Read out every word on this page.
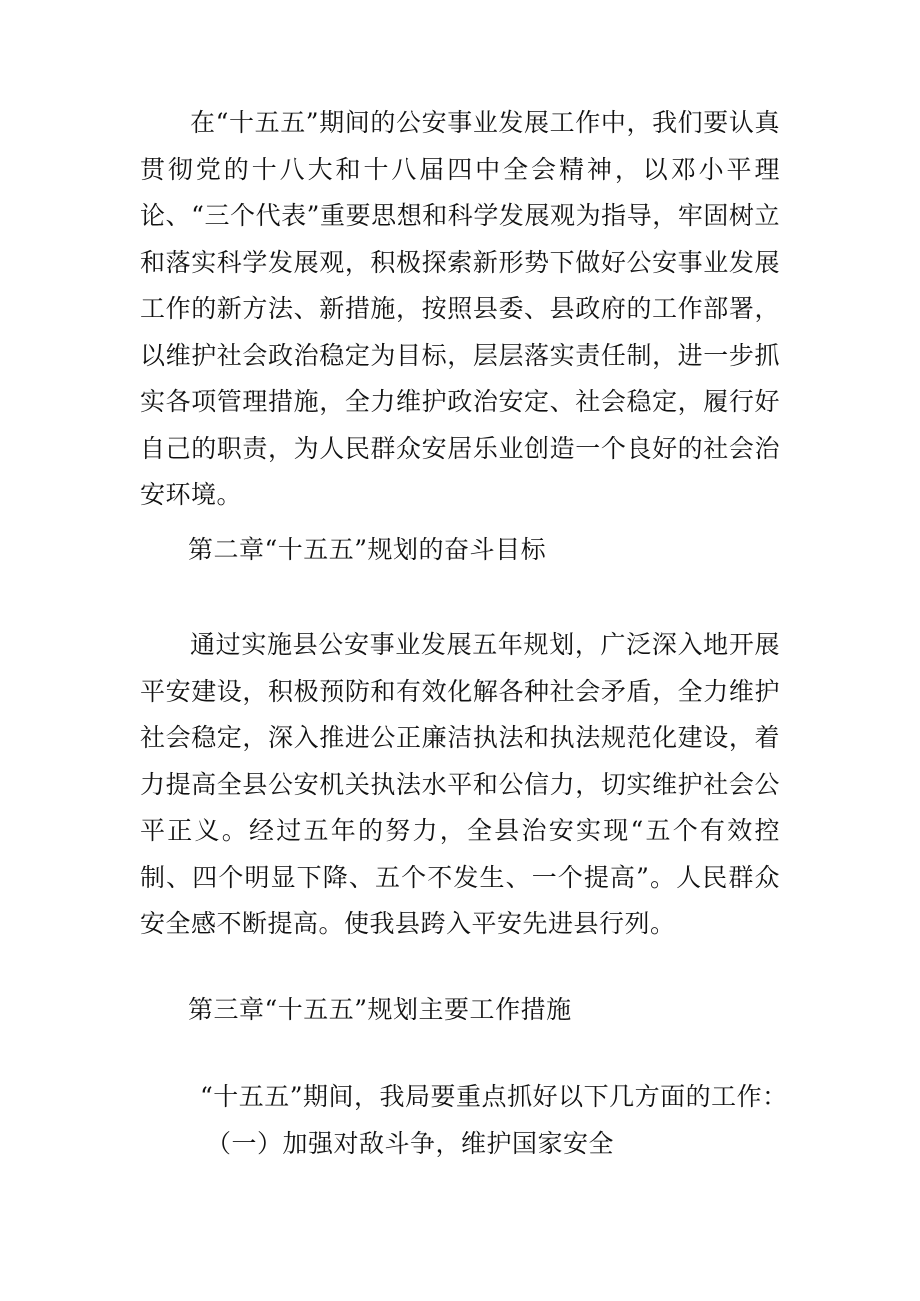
在“十五五”期间的公安事业发展工作中，我们要认真贯彻党的十八大和十八届四中全会精神，以邓小平理论、“三个代表”重要思想和科学发展观为指导，牢固树立和落实科学发展观，积极探索新形势下做好公安事业发展工作的新方法、新措施，按照县委、县政府的工作部署，以维护社会政治稳定为目标，层层落实责任制，进一步抓实各项管理措施，全力维护政治安定、社会稳定，履行好自己的职责，为人民群众安居乐业创造一个良好的社会治安环境。

第二章“十五五”规划的奋斗目标

通过实施县公安事业发展五年规划，广泛深入地开展平安建设，积极预防和有效化解各种社会矛盾，全力维护社会稳定，深入推进公正廉洁执法和执法规范化建设，着力提高全县公安机关执法水平和公信力，切实维护社会公平正义。经过五年的努力，全县治安实现“五个有效控制、四个明显下降、五个不发生、一个提高”。人民群众安全感不断提高。使我县跨入平安先进县行列。

第三章“十五五”规划主要工作措施

“十五五”期间，我局要重点抓好以下几方面的工作：

（一）加强对敌斗争，维护国家安全
